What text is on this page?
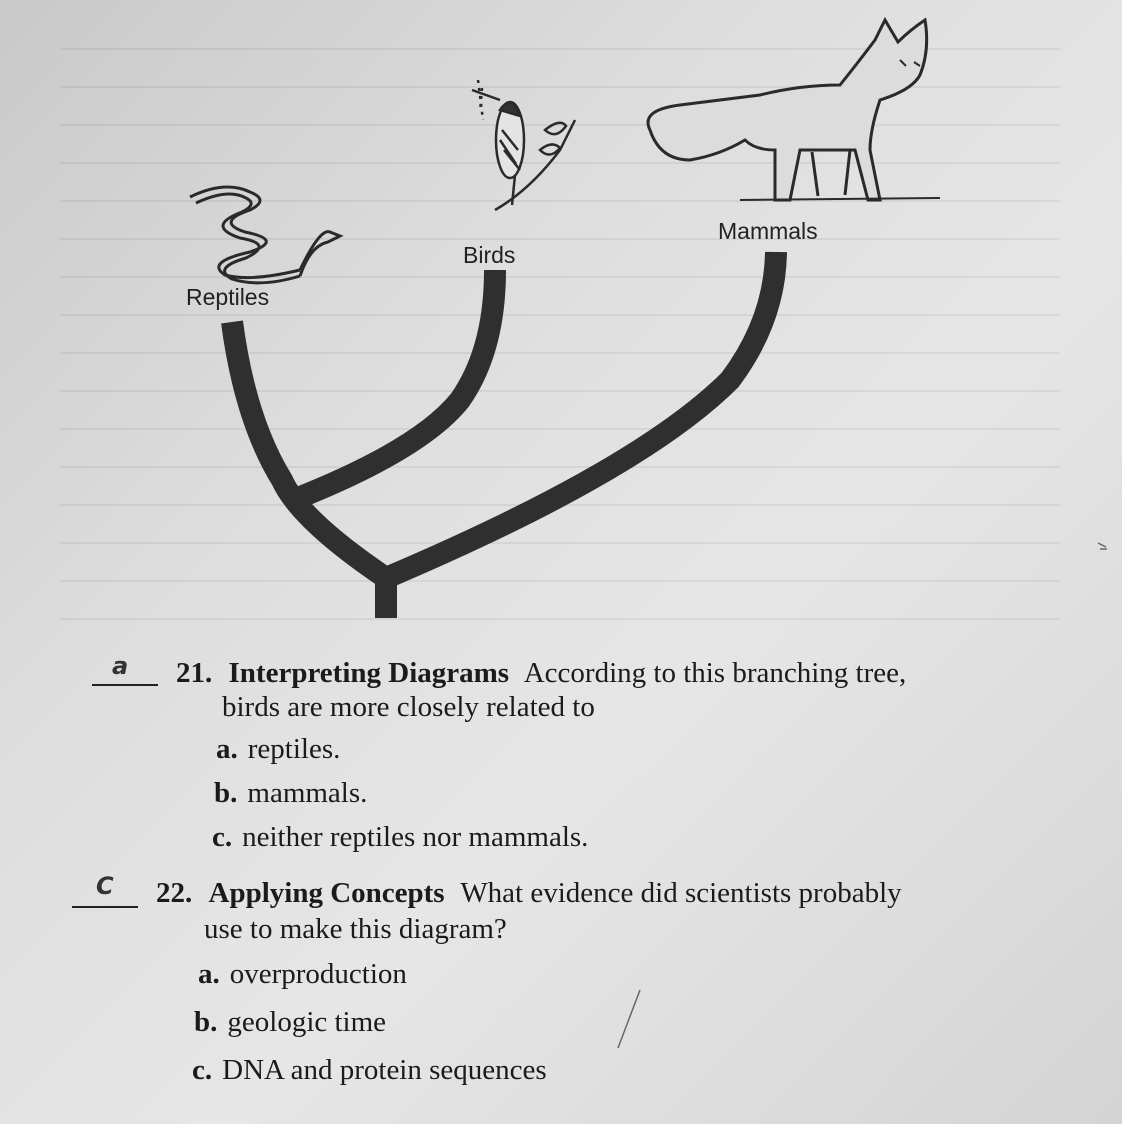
Reptiles
Birds
Mammals
a 21. Interpreting Diagrams According to this branching tree,
birds are more closely related to
a. reptiles.
b. mammals.
c. neither reptiles nor mammals.
C 22. Applying Concepts What evidence did scientists probably
use to make this diagram?
a. overproduction
b. geologic time
c. DNA and protein sequences
